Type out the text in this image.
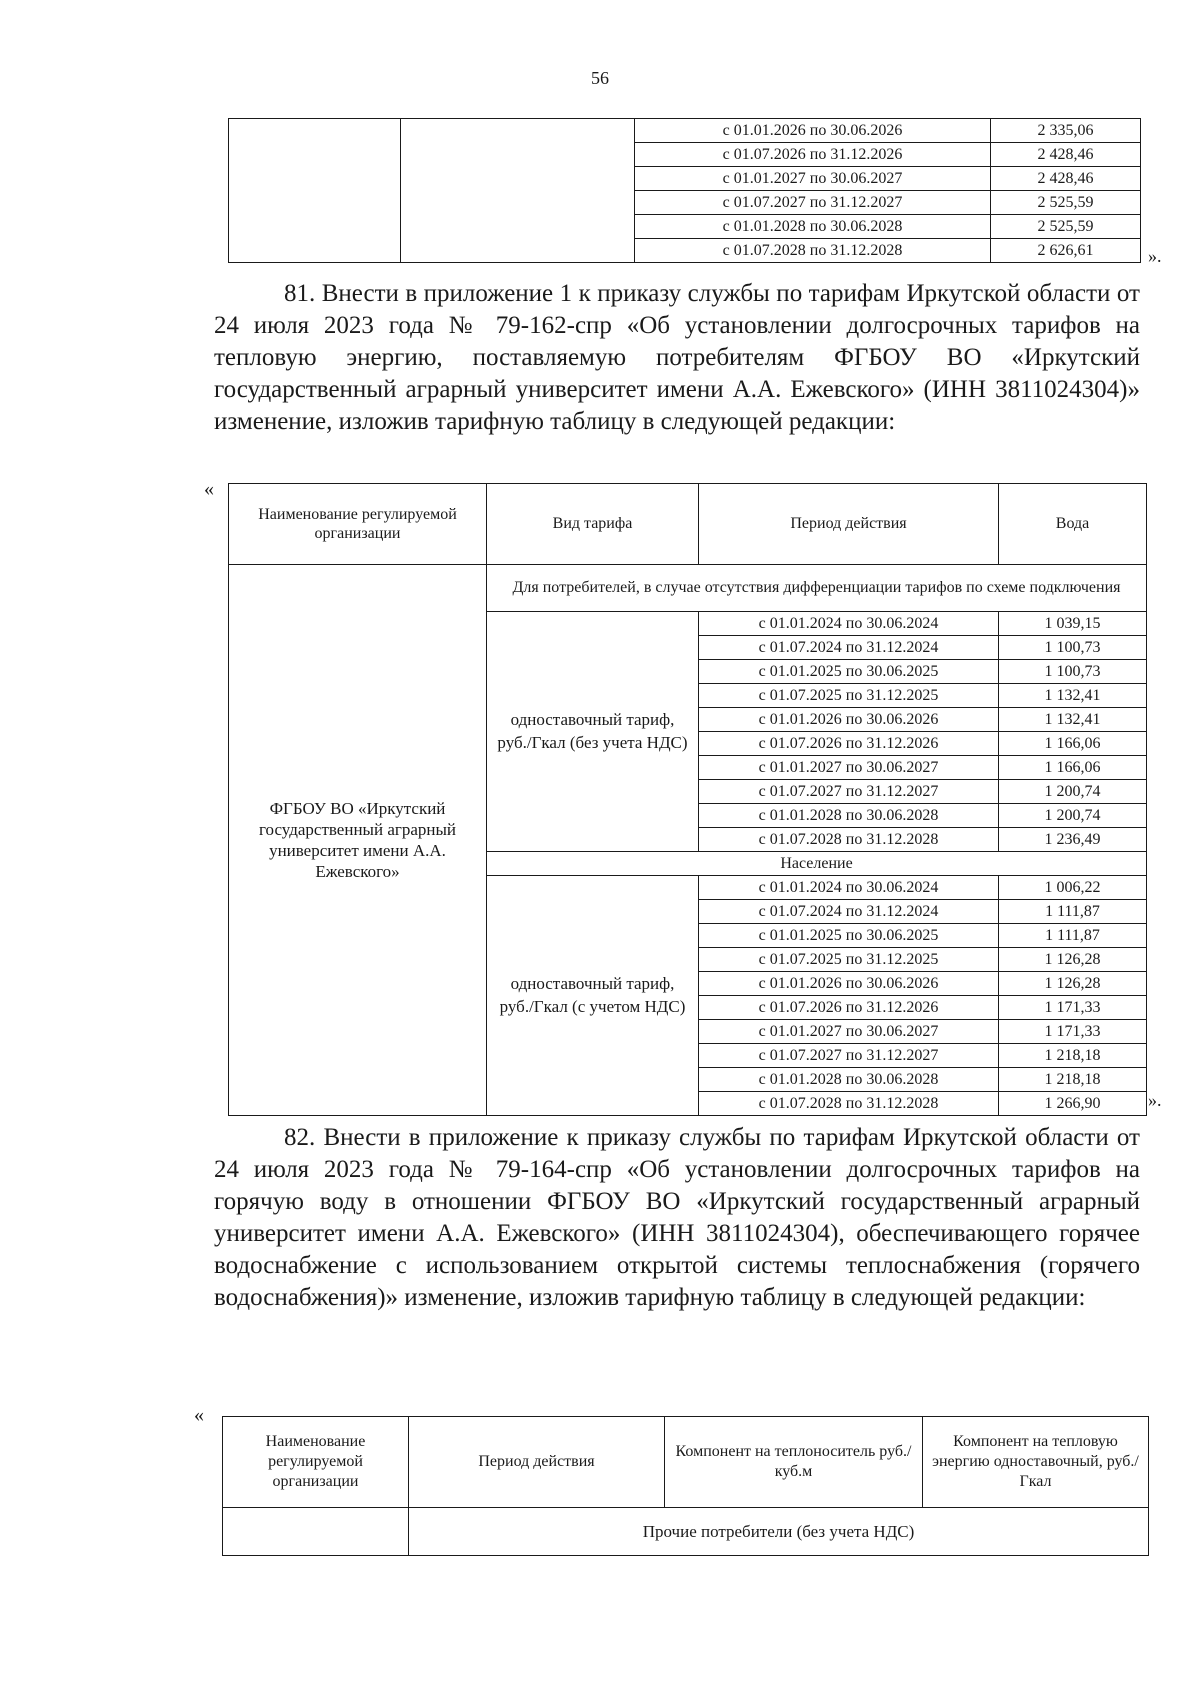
56
		с 01.01.2026 по 30.06.2026	2 335,06
		с 01.07.2026 по 31.12.2026	2 428,46
		с 01.01.2027 по 30.06.2027	2 428,46
		с 01.07.2027 по 31.12.2027	2 525,59
		с 01.01.2028 по 30.06.2028	2 525,59
		с 01.07.2028 по 31.12.2028	2 626,61	».

81. Внести в приложение 1 к приказу службы по тарифам Иркутской области от 24 июля 2023 года № 79-162-спр «Об установлении долгосрочных тарифов на тепловую энергию, поставляемую потребителям ФГБОУ ВО «Иркутский государственный аграрный университет имени А.А. Ежевского» (ИНН 3811024304)» изменение, изложив тарифную таблицу в следующей редакции:

«
Наименование регулируемой организации	Вид тарифа	Период действия	Вода
ФГБОУ ВО «Иркутский государственный аграрный университет имени А.А. Ежевского»	Для потребителей, в случае отсутствия дифференциации тарифов по схеме подключения		
	одноставочный тариф, руб./Гкал (без учета НДС)	с 01.01.2024 по 30.06.2024	1 039,15
		с 01.07.2024 по 31.12.2024	1 100,73
		с 01.01.2025 по 30.06.2025	1 100,73
		с 01.07.2025 по 31.12.2025	1 132,41
		с 01.01.2026 по 30.06.2026	1 132,41
		с 01.07.2026 по 31.12.2026	1 166,06
		с 01.01.2027 по 30.06.2027	1 166,06
		с 01.07.2027 по 31.12.2027	1 200,74
		с 01.01.2028 по 30.06.2028	1 200,74
		с 01.07.2028 по 31.12.2028	1 236,49
	Население		
	одноставочный тариф, руб./Гкал (с учетом НДС)	с 01.01.2024 по 30.06.2024	1 006,22
		с 01.07.2024 по 31.12.2024	1 111,87
		с 01.01.2025 по 30.06.2025	1 111,87
		с 01.07.2025 по 31.12.2025	1 126,28
		с 01.01.2026 по 30.06.2026	1 126,28
		с 01.07.2026 по 31.12.2026	1 171,33
		с 01.01.2027 по 30.06.2027	1 171,33
		с 01.07.2027 по 31.12.2027	1 218,18
		с 01.01.2028 по 30.06.2028	1 218,18
		с 01.07.2028 по 31.12.2028	1 266,90	».

82. Внести в приложение к приказу службы по тарифам Иркутской области от 24 июля 2023 года № 79-164-спр «Об установлении долгосрочных тарифов на горячую воду в отношении ФГБОУ ВО «Иркутский государственный аграрный университет имени А.А. Ежевского» (ИНН 3811024304), обеспечивающего горячее водоснабжение с использованием открытой системы теплоснабжения (горячего водоснабжения)» изменение, изложив тарифную таблицу в следующей редакции:

«
Наименование регулируемой организации	Период действия	Компонент на теплоноситель руб./куб.м	Компонент на тепловую энергию одноставочный, руб./Гкал
	Прочие потребители (без учета НДС)		
